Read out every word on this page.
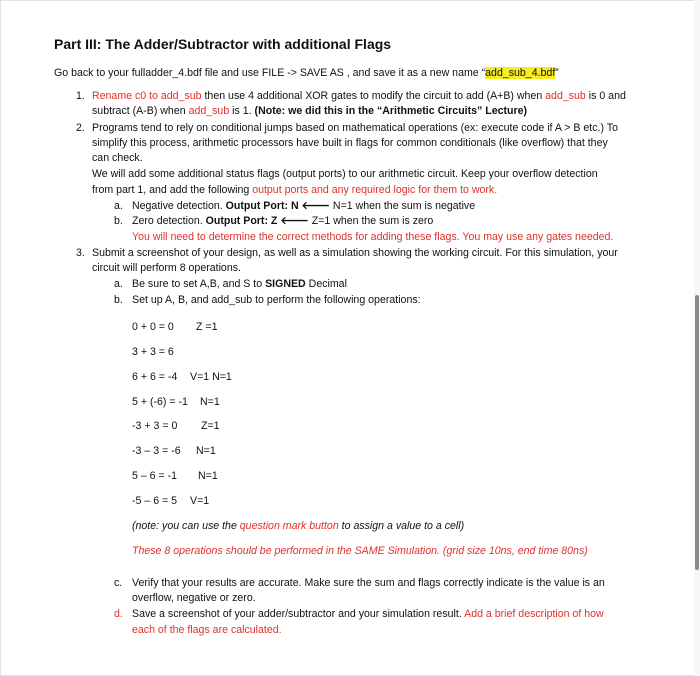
Part III: The Adder/Subtractor with additional Flags
Go back to your fulladder_4.bdf file and use FILE -> SAVE AS , and save it as a new name “add_sub_4.bdf”
1. Rename c0 to add_sub then use 4 additional XOR gates to modify the circuit to add (A+B) when add_sub is 0 and
subtract (A-B) when add_sub is 1. (Note: we did this in the “Arithmetic Circuits” Lecture)
2. Programs tend to rely on conditional jumps based on mathematical operations (ex: execute code if A > B etc.) To
simplify this process, arithmetic processors have built in flags for common conditionals (like overflow) that they
can check.
We will add some additional status flags (output ports) to our arithmetic circuit. Keep your overflow detection
from part 1, and add the following output ports and any required logic for them to work.
a. Negative detection. Output Port: N 🡐 N=1 when the sum is negative
b. Zero detection. Output Port: Z 🡐 Z=1 when the sum is zero
You will need to determine the correct methods for adding these flags. You may use any gates needed.
3. Submit a screenshot of your design, as well as a simulation showing the working circuit. For this simulation, your
circuit will perform 8 operations.
a. Be sure to set A,B, and S to SIGNED Decimal
b. Set up A, B, and add_sub to perform the following operations:
0 + 0 = 0 Z =1
3 + 3 = 6
6 + 6 = -4 V=1 N=1
5 + (-6) = -1 N=1
-3 + 3 = 0 Z=1
-3 – 3 = -6 N=1
5 – 6 = -1 N=1
-5 – 6 = 5 V=1
(note: you can use the question mark button to assign a value to a cell)
These 8 operations should be performed in the SAME Simulation. (grid size 10ns, end time 80ns)
c. Verify that your results are accurate. Make sure the sum and flags correctly indicate is the value is an
overflow, negative or zero.
d. Save a screenshot of your adder/subtractor and your simulation result. Add a brief description of how
each of the flags are calculated.
